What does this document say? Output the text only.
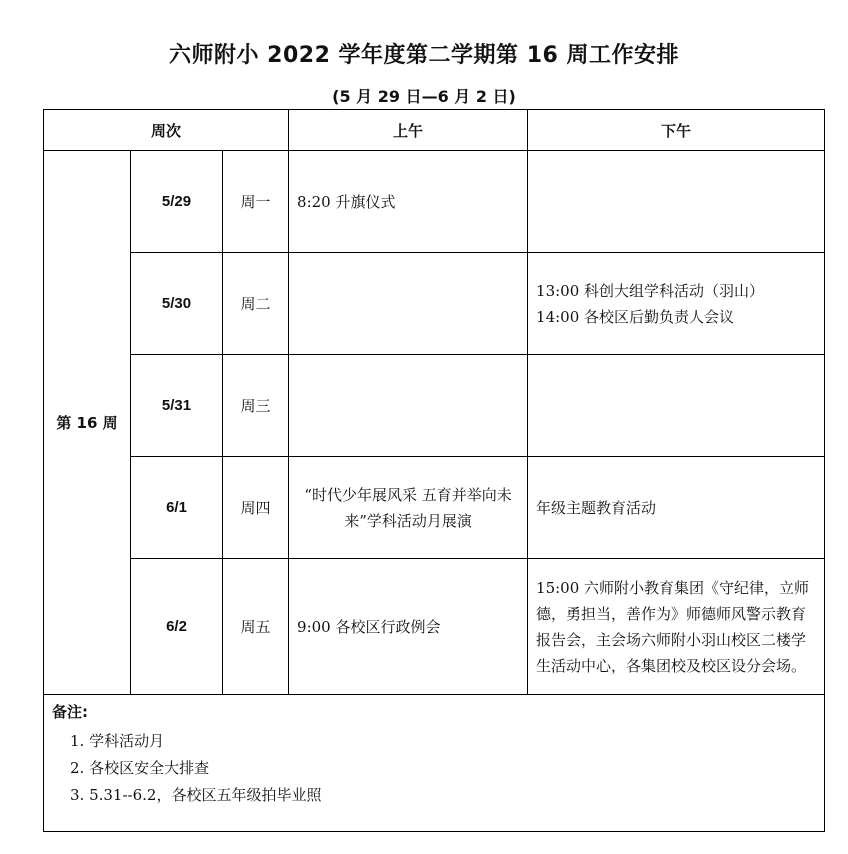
六师附小 2022 学年度第二学期第 16 周工作安排
(5 月 29 日—6 月 2 日)
周次			上午	下午
第 16 周	5/29	周一	8:20 升旗仪式	
	5/30	周二		13:00 科创大组学科活动（羽山）
14:00 各校区后勤负责人会议
	5/31	周三		
	6/1	周四	“时代少年展风采 五育并举向未来”学科活动月展演	年级主题教育活动
	6/2	周五	9:00 各校区行政例会	15:00 六师附小教育集团《守纪律，立师德，勇担当，善作为》师德师风警示教育报告会，主会场六师附小羽山校区二楼学生活动中心，各集团校及校区设分会场。

备注:
1. 学科活动月
2. 各校区安全大排查
3. 5.31--6.2，各校区五年级拍毕业照				
